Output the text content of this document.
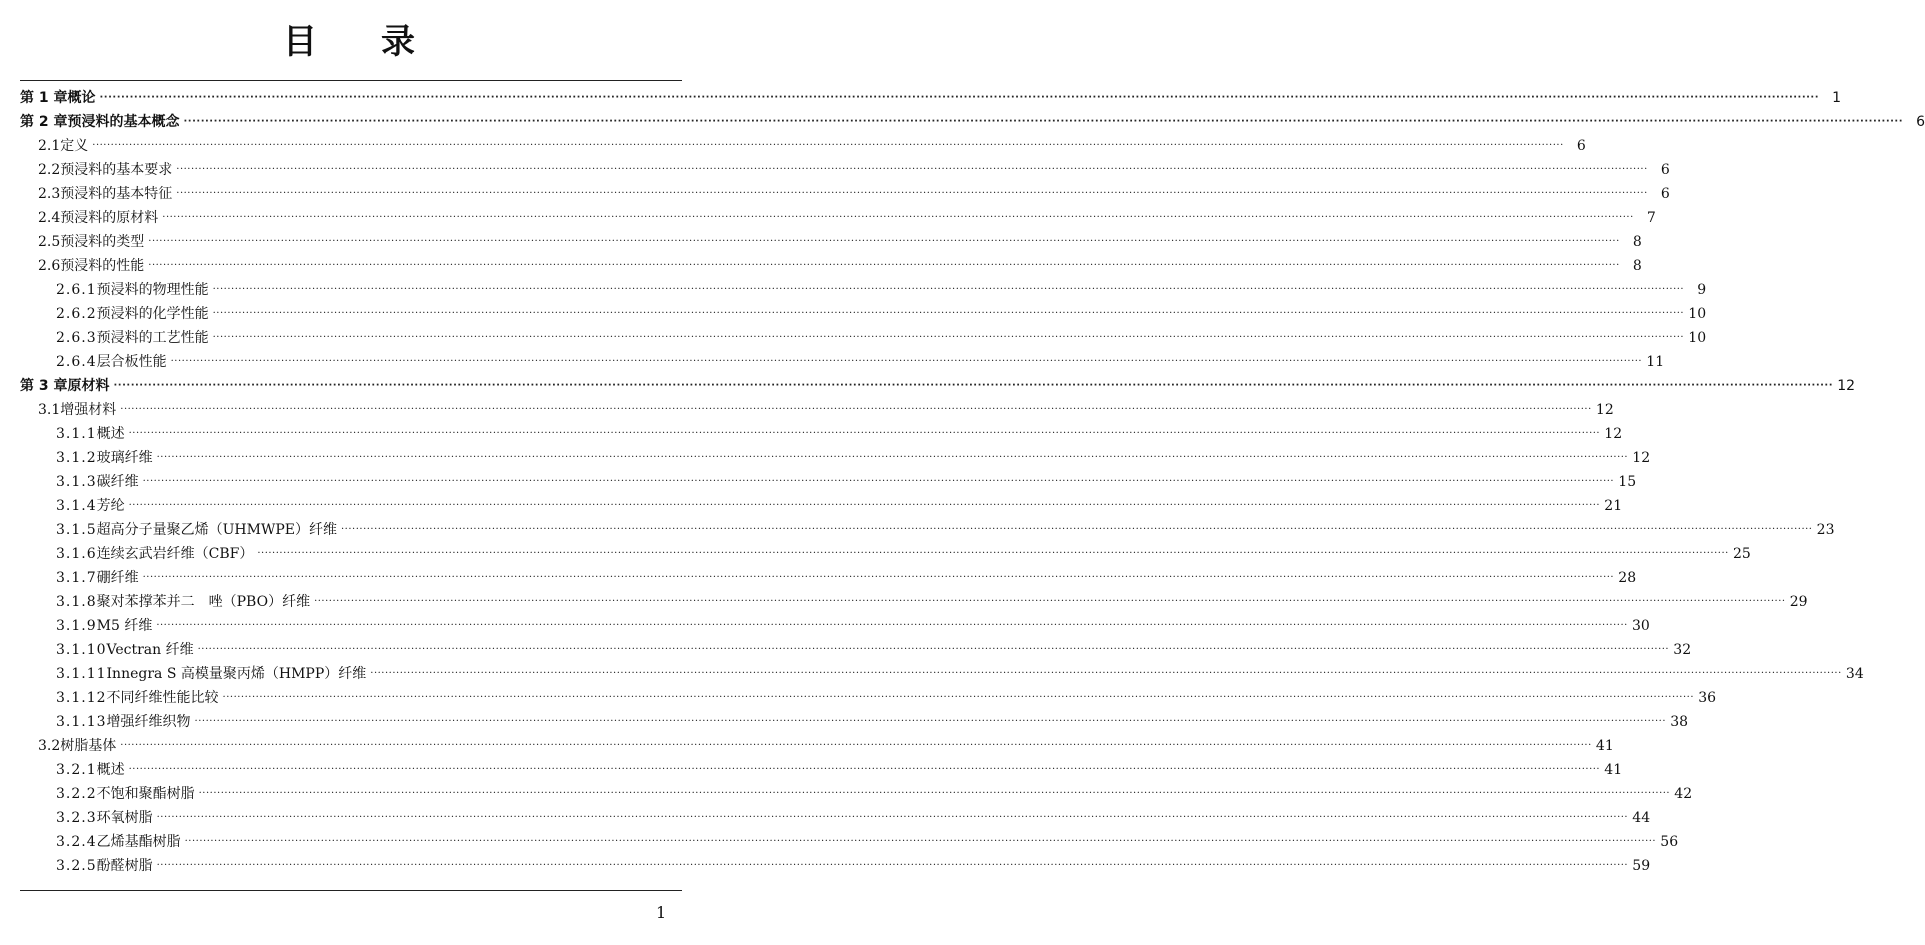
目 录
第 1 章 概论 ················································································································································································································································································································································································································ 1
第 2 章 预浸料的基本概念 ················································································································································································································································································································································································································ 6
2.1 定义 ················································································································································································································································································································································································································ 6
2.2 预浸料的基本要求 ················································································································································································································································································································································································································ 6
2.3 预浸料的基本特征 ················································································································································································································································································································································································································ 6
2.4 预浸料的原材料 ················································································································································································································································································································································································································ 7
2.5 预浸料的类型 ················································································································································································································································································································································································································ 8
2.6 预浸料的性能 ················································································································································································································································································································································································································ 8
2.6.1 预浸料的物理性能 ················································································································································································································································································································································································································ 9
2.6.2 预浸料的化学性能 ················································································································································································································································································································································································································ 10
2.6.3 预浸料的工艺性能 ················································································································································································································································································································································································································ 10
2.6.4 层合板性能 ················································································································································································································································································································································································································ 11
第 3 章 原材料 ················································································································································································································································································································································································································ 12
3.1 增强材料 ················································································································································································································································································································································································································ 12
3.1.1 概述 ················································································································································································································································································································································································································ 12
3.1.2 玻璃纤维 ················································································································································································································································································································································································································ 12
3.1.3 碳纤维 ················································································································································································································································································································································································································ 15
3.1.4 芳纶 ················································································································································································································································································································································································································ 21
3.1.5 超高分子量聚乙烯（UHMWPE）纤维 ················································································································································································································································································································································································································ 23
3.1.6 连续玄武岩纤维（CBF） ················································································································································································································································································································································································································ 25
3.1.7 硼纤维 ················································································································································································································································································································································································································ 28
3.1.8 聚对苯撑苯并二　唑（PBO）纤维 ················································································································································································································································································································································································································ 29
3.1.9 M5 纤维 ················································································································································································································································································································································································································ 30
3.1.10 Vectran 纤维 ················································································································································································································································································································································································································ 32
3.1.11 Innegra S 高模量聚丙烯（HMPP）纤维 ················································································································································································································································································································································································································ 34
3.1.12 不同纤维性能比较 ················································································································································································································································································································································································································ 36
3.1.13 增强纤维织物 ················································································································································································································································································································································································································ 38
3.2 树脂基体 ················································································································································································································································································································································································································ 41
3.2.1 概述 ················································································································································································································································································································································································································ 41
3.2.2 不饱和聚酯树脂 ················································································································································································································································································································································································································ 42
3.2.3 环氧树脂 ················································································································································································································································································································································································································ 44
3.2.4 乙烯基酯树脂 ················································································································································································································································································································································································································ 56
3.2.5 酚醛树脂 ················································································································································································································································································································································································································ 59
1
